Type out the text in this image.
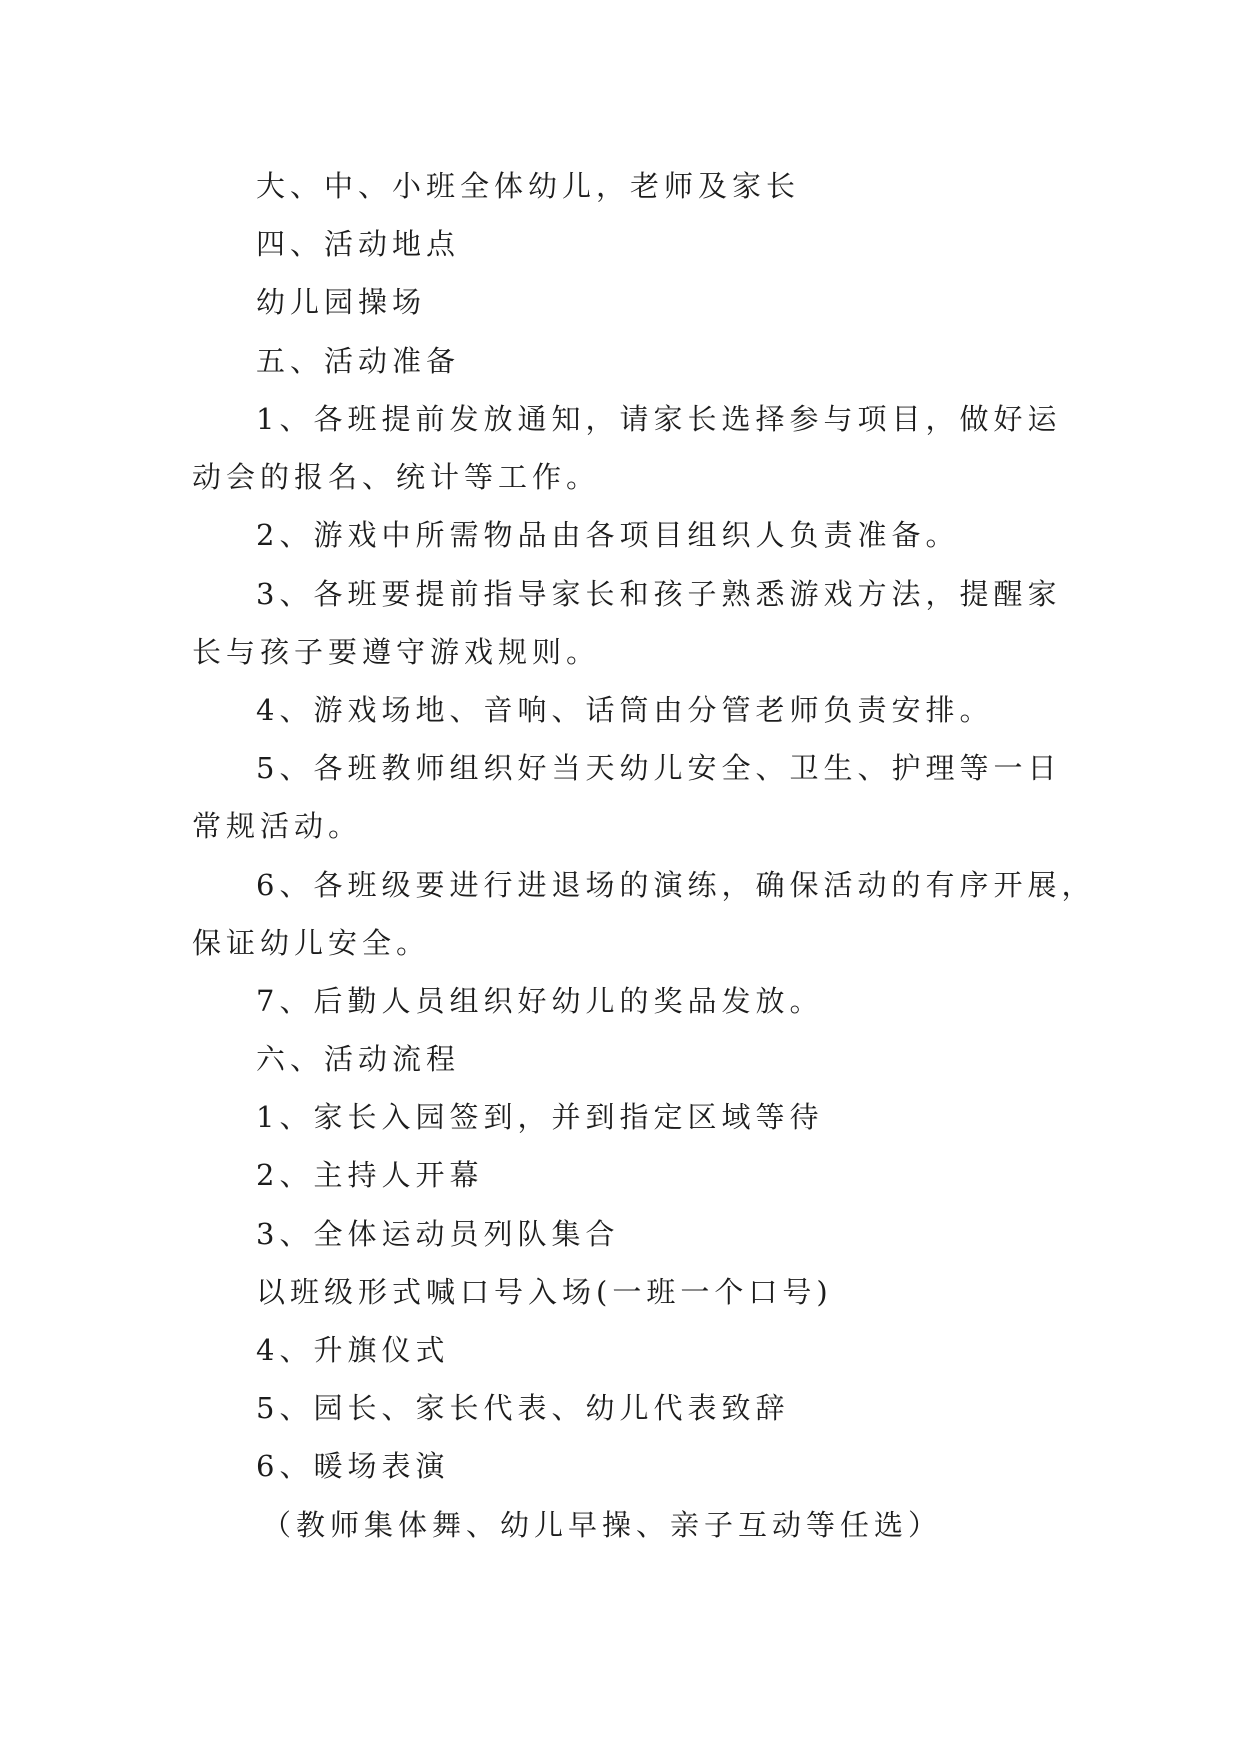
大、中、小班全体幼儿，老师及家长
四、活动地点
幼儿园操场
五、活动准备
1、各班提前发放通知，请家长选择参与项目，做好运
动会的报名、统计等工作。
2、游戏中所需物品由各项目组织人负责准备。
3、各班要提前指导家长和孩子熟悉游戏方法，提醒家
长与孩子要遵守游戏规则。
4、游戏场地、音响、话筒由分管老师负责安排。
5、各班教师组织好当天幼儿安全、卫生、护理等一日
常规活动。
6、各班级要进行进退场的演练，确保活动的有序开展，
保证幼儿安全。
7、后勤人员组织好幼儿的奖品发放。
六、活动流程
1、家长入园签到，并到指定区域等待
2、主持人开幕
3、全体运动员列队集合
以班级形式喊口号入场(一班一个口号)
4、升旗仪式
5、园长、家长代表、幼儿代表致辞
6、暖场表演
（教师集体舞、幼儿早操、亲子互动等任选）
